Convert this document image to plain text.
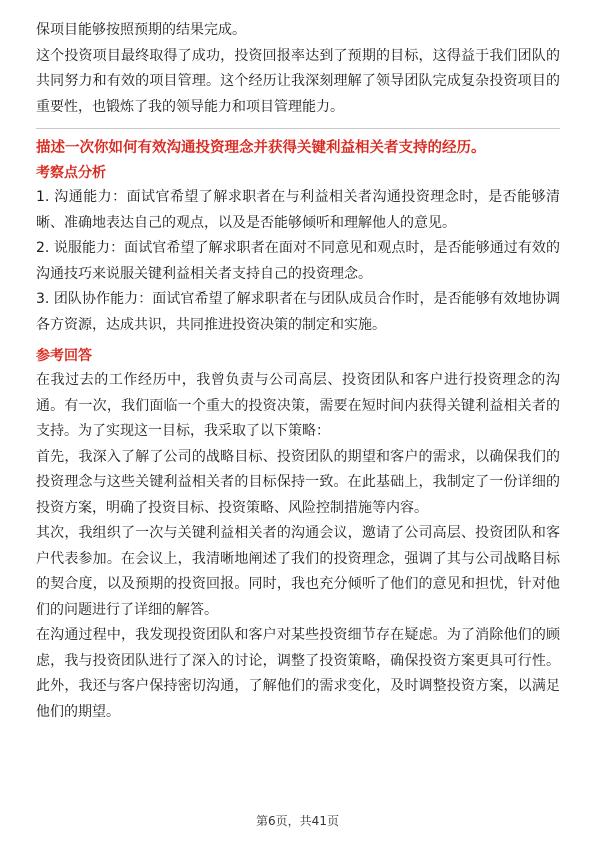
保项目能够按照预期的结果完成。

这个投资项目最终取得了成功，投资回报率达到了预期的目标，这得益于我们团队的共同努力和有效的项目管理。这个经历让我深刻理解了领导团队完成复杂投资项目的重要性，也锻炼了我的领导能力和项目管理能力。

描述一次你如何有效沟通投资理念并获得关键利益相关者支持的经历。

考察点分析

1. 沟通能力：面试官希望了解求职者在与利益相关者沟通投资理念时，是否能够清晰、准确地表达自己的观点，以及是否能够倾听和理解他人的意见。

2. 说服能力：面试官希望了解求职者在面对不同意见和观点时，是否能够通过有效的沟通技巧来说服关键利益相关者支持自己的投资理念。

3. 团队协作能力：面试官希望了解求职者在与团队成员合作时，是否能够有效地协调各方资源，达成共识，共同推进投资决策的制定和实施。

参考回答

在我过去的工作经历中，我曾负责与公司高层、投资团队和客户进行投资理念的沟通。有一次，我们面临一个重大的投资决策，需要在短时间内获得关键利益相关者的支持。为了实现这一目标，我采取了以下策略：

首先，我深入了解了公司的战略目标、投资团队的期望和客户的需求，以确保我们的投资理念与这些关键利益相关者的目标保持一致。在此基础上，我制定了一份详细的投资方案，明确了投资目标、投资策略、风险控制措施等内容。

其次，我组织了一次与关键利益相关者的沟通会议，邀请了公司高层、投资团队和客户代表参加。在会议上，我清晰地阐述了我们的投资理念，强调了其与公司战略目标的契合度，以及预期的投资回报。同时，我也充分倾听了他们的意见和担忧，针对他们的问题进行了详细的解答。

在沟通过程中，我发现投资团队和客户对某些投资细节存在疑虑。为了消除他们的顾虑，我与投资团队进行了深入的讨论，调整了投资策略，确保投资方案更具可行性。此外，我还与客户保持密切沟通，了解他们的需求变化，及时调整投资方案，以满足他们的期望。

第6页，共41页
